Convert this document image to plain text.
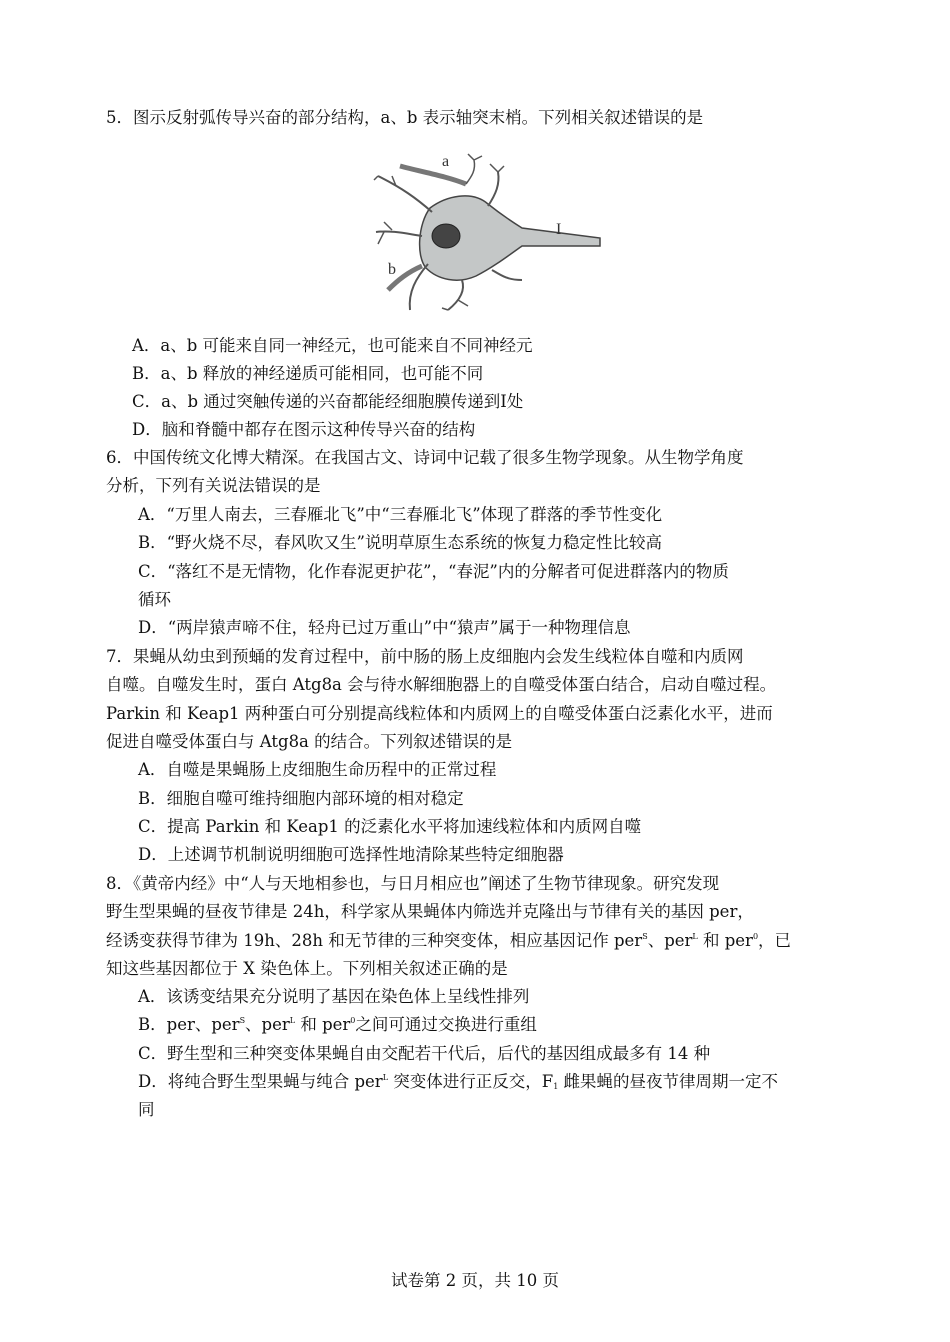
5．图示反射弧传导兴奋的部分结构，a、b 表示轴突末梢。下列相关叙述错误的是
a
b
I
A．a、b 可能来自同一神经元，也可能来自不同神经元
B．a、b 释放的神经递质可能相同，也可能不同
C．a、b 通过突触传递的兴奋都能经细胞膜传递到Ⅰ处
D．脑和脊髓中都存在图示这种传导兴奋的结构
6．中国传统文化博大精深。在我国古文、诗词中记载了很多生物学现象。从生物学角度
分析，下列有关说法错误的是
A．“万里人南去，三春雁北飞”中“三春雁北飞”体现了群落的季节性变化
B．“野火烧不尽，春风吹又生”说明草原生态系统的恢复力稳定性比较高
C．“落红不是无情物，化作春泥更护花”，“春泥”内的分解者可促进群落内的物质
循环
D．“两岸猿声啼不住，轻舟已过万重山”中“猿声”属于一种物理信息
7．果蝇从幼虫到预蛹的发育过程中，前中肠的肠上皮细胞内会发生线粒体自噬和内质网
自噬。自噬发生时，蛋白 Atg8a 会与待水解细胞器上的自噬受体蛋白结合，启动自噬过程。
Parkin 和 Keap1 两种蛋白可分别提高线粒体和内质网上的自噬受体蛋白泛素化水平，进而
促进自噬受体蛋白与 Atg8a 的结合。下列叙述错误的是
A．自噬是果蝇肠上皮细胞生命历程中的正常过程
B．细胞自噬可维持细胞内部环境的相对稳定
C．提高 Parkin 和 Keap1 的泛素化水平将加速线粒体和内质网自噬
D．上述调节机制说明细胞可选择性地清除某些特定细胞器
8．《黄帝内经》中“人与天地相参也，与日月相应也”阐述了生物节律现象。研究发现
野生型果蝇的昼夜节律是 24h，科学家从果蝇体内筛选并克隆出与节律有关的基因 per，
经诱变获得节律为 19h、28h 和无节律的三种突变体，相应基因记作 per$^S$、per$^L$ 和 per$^0$，已
知这些基因都位于 X 染色体上。下列相关叙述正确的是
A．该诱变结果充分说明了基因在染色体上呈线性排列
B．per、per$^S$、per$^L$ 和 per$^0$之间可通过交换进行重组
C．野生型和三种突变体果蝇自由交配若干代后，后代的基因组成最多有 14 种
D．将纯合野生型果蝇与纯合 per$^L$ 突变体进行正反交，$F_1$ 雌果蝇的昼夜节律周期一定不
同
试卷第 2 页，共 10 页
